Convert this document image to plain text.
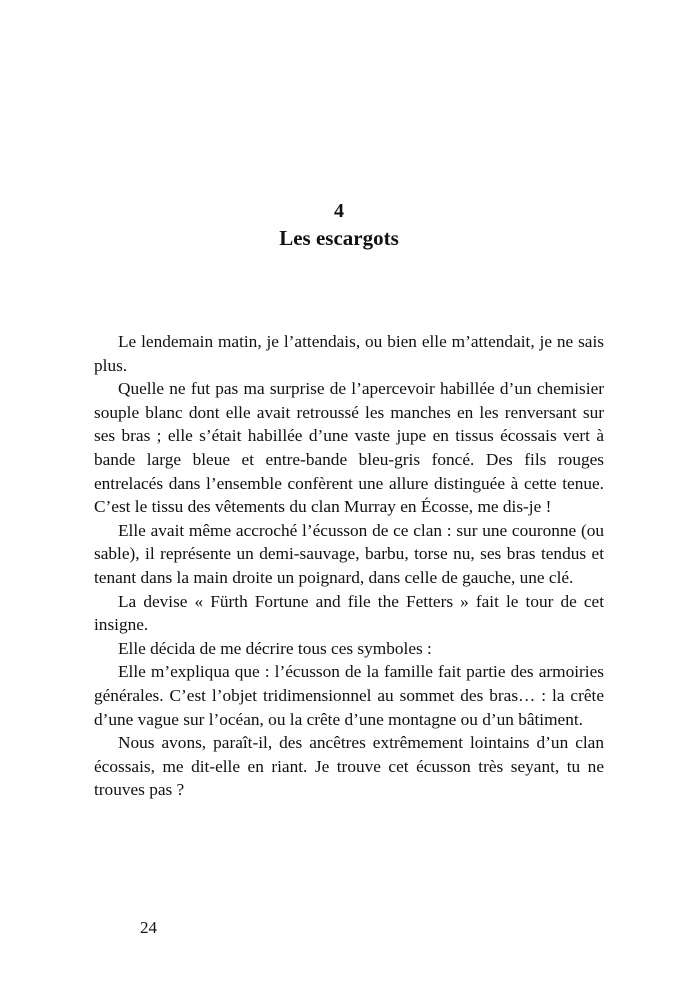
4
Les escargots

Le lendemain matin, je l’attendais, ou bien elle m’attendait, je ne sais plus.

Quelle ne fut pas ma surprise de l’apercevoir habillée d’un chemisier souple blanc dont elle avait retroussé les manches en les renversant sur ses bras ; elle s’était habillée d’une vaste jupe en tissus écossais vert à bande large bleue et entre-bande bleu-gris foncé. Des fils rouges entrelacés dans l’ensemble confèrent une allure distinguée à cette tenue. C’est le tissu des vêtements du clan Murray en Écosse, me dis-je !

Elle avait même accroché l’écusson de ce clan : sur une couronne (ou sable), il représente un demi-sauvage, barbu, torse nu, ses bras tendus et tenant dans la main droite un poignard, dans celle de gauche, une clé.

La devise « Fürth Fortune and file the Fetters » fait le tour de cet insigne.

Elle décida de me décrire tous ces symboles :

Elle m’expliqua que : l’écusson de la famille fait partie des armoiries générales. C’est l’objet tridimensionnel au sommet des bras… : la crête d’une vague sur l’océan, ou la crête d’une montagne ou d’un bâtiment.

Nous avons, paraît-il, des ancêtres extrêmement lointains d’un clan écossais, me dit-elle en riant. Je trouve cet écusson très seyant, tu ne trouves pas ?

24
